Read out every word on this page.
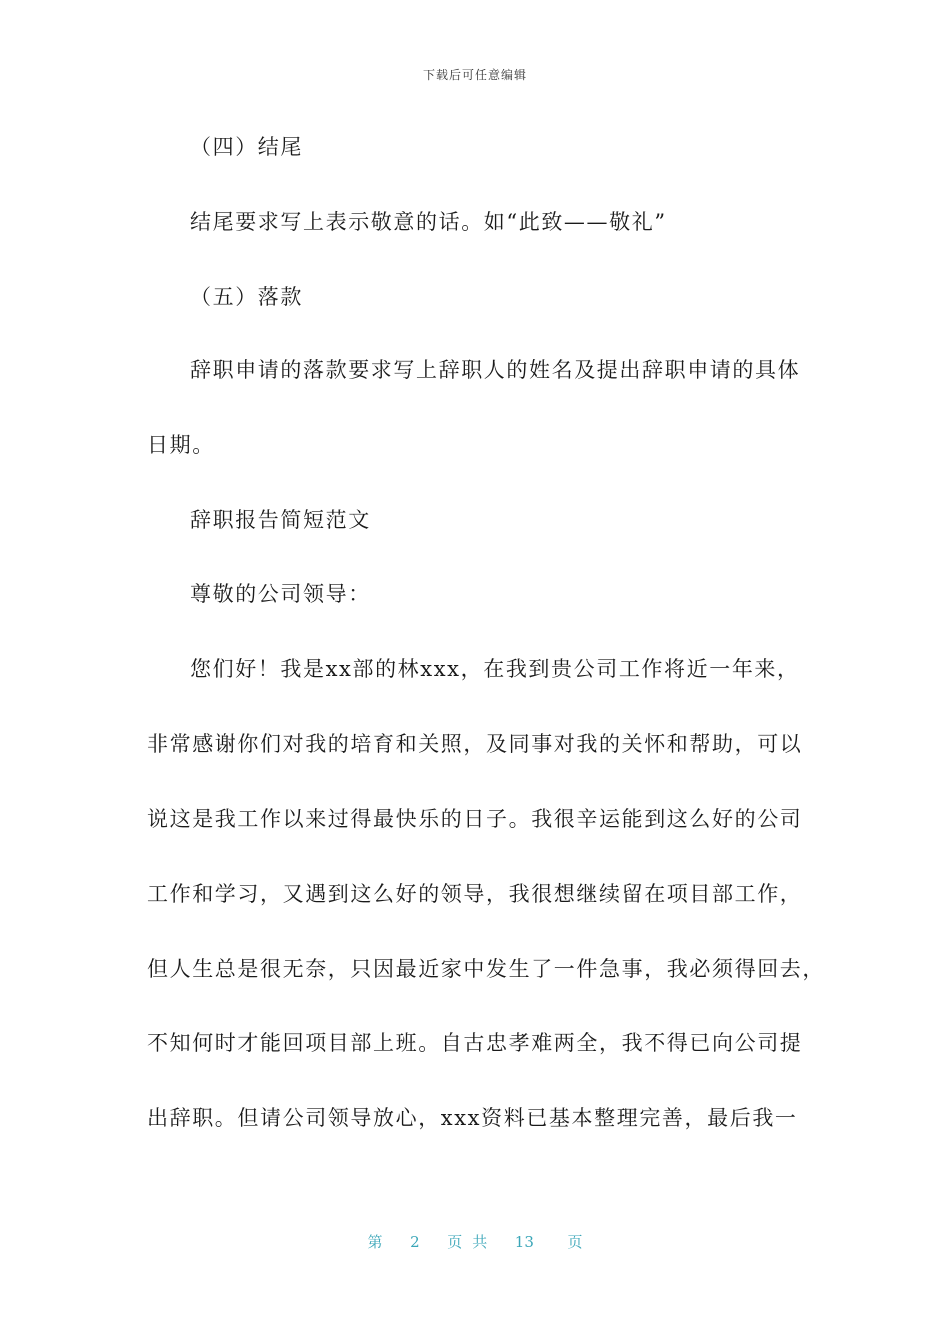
下载后可任意编辑
（四）结尾
结尾要求写上表示敬意的话。如“此致——敬礼”
（五）落款
辞职申请的落款要求写上辞职人的姓名及提出辞职申请的具体
日期。
辞职报告简短范文
尊敬的公司领导：
您们好！我是xx部的林xxx，在我到贵公司工作将近一年来，
非常感谢你们对我的培育和关照，及同事对我的关怀和帮助，可以
说这是我工作以来过得最快乐的日子。我很辛运能到这么好的公司
工作和学习，又遇到这么好的领导，我很想继续留在项目部工作，
但人生总是很无奈，只因最近家中发生了一件急事，我必须得回去，
不知何时才能回项目部上班。自古忠孝难两全，我不得已向公司提
出辞职。但请公司领导放心，xxx资料已基本整理完善，最后我一
第 2 页共 13 页
